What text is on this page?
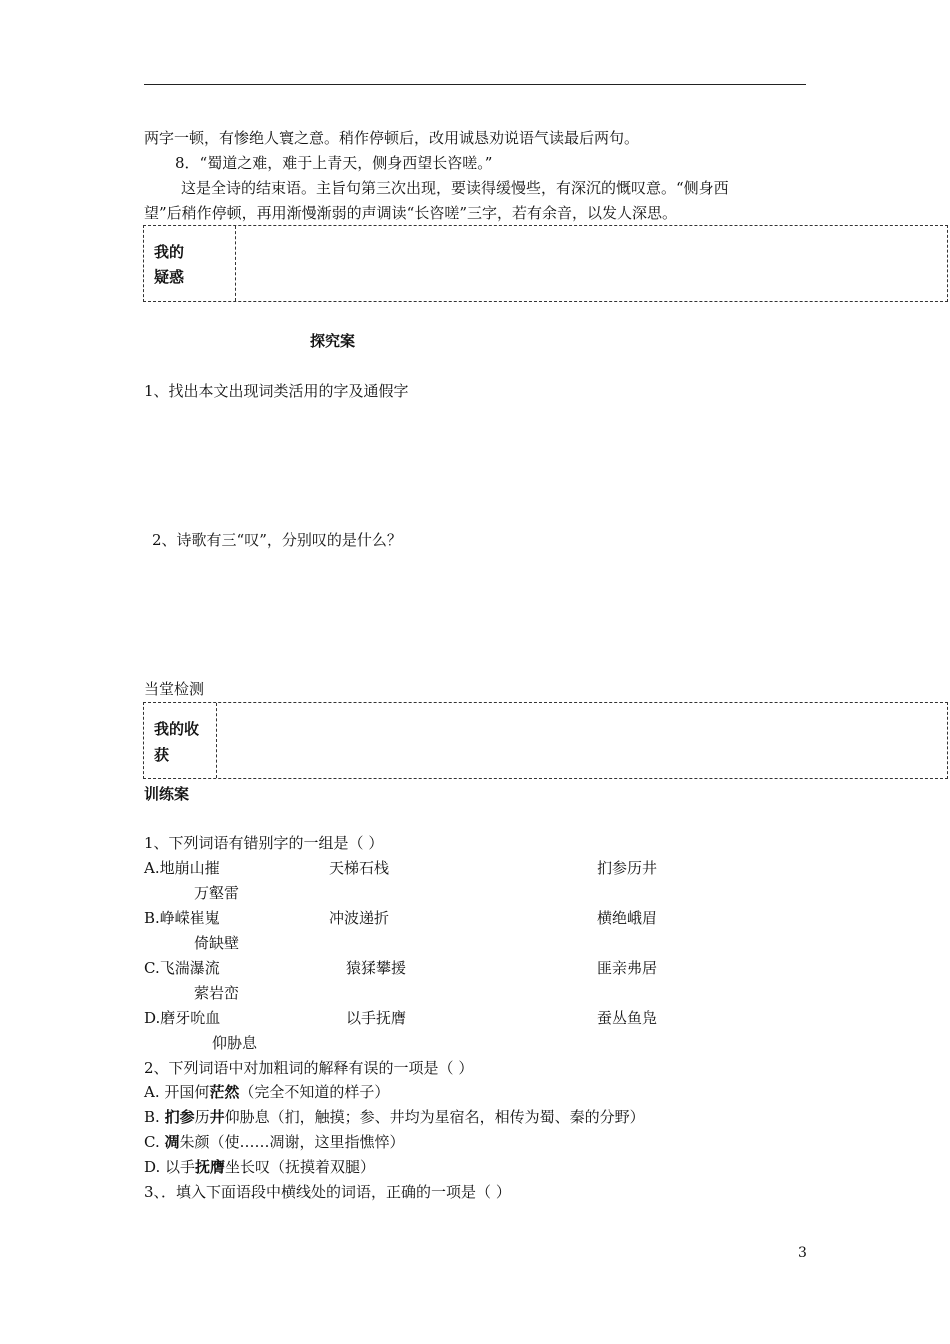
两字一顿，有惨绝人寰之意。稍作停顿后，改用诚恳劝说语气读最后两句。
8．“蜀道之难，难于上青天，侧身西望长咨嗟。”
这是全诗的结束语。主旨句第三次出现，要读得缓慢些，有深沉的慨叹意。“侧身西
望”后稍作停顿，再用渐慢渐弱的声调读“长咨嗟”三字，若有余音，以发人深思。
我的
疑惑
探究案
1、找出本文出现词类活用的字及通假字
2、诗歌有三“叹”，分别叹的是什么？
当堂检测
我的收
获
训练案
1、下列词语有错别字的一组是（ ）
A.地崩山摧	天梯石栈	扪参历井
万壑雷
B.峥嵘崔嵬	冲波递折	横绝峨眉
倚缺壁
C.飞湍瀑流	猿猱攀援	匪亲弗居
萦岩峦
D.磨牙吮血	以手抚膺	蚕丛鱼凫
仰胁息
2、下列词语中对加粗词的解释有误的一项是（ ）
A. 开国何茫然（完全不知道的样子）
B. 扪参历井仰胁息（扪，触摸；参、井均为星宿名，相传为蜀、秦的分野）
C. 凋朱颜（使……凋谢，这里指憔悴）
D. 以手抚膺坐长叹（抚摸着双腿）
3、．填入下面语段中横线处的词语，正确的一项是（ ）
3
